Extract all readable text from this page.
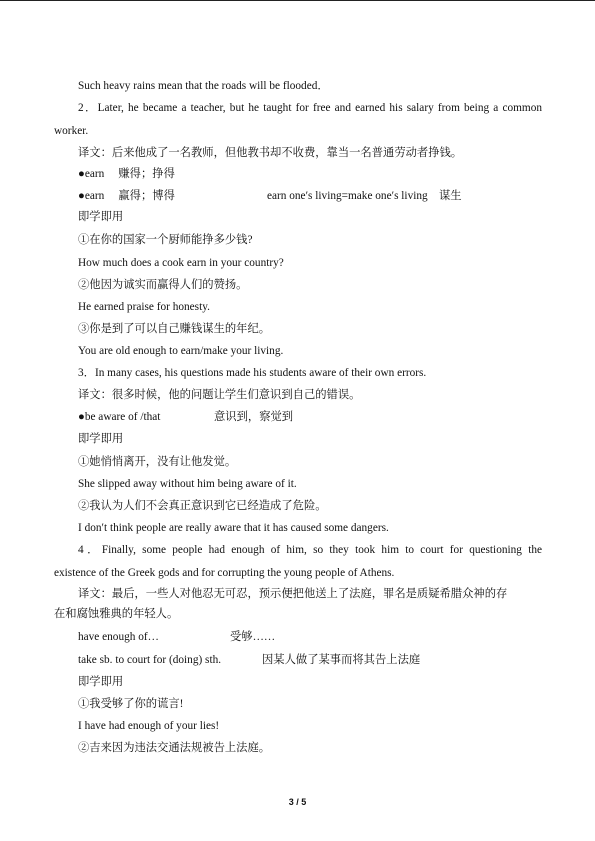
Such heavy rains mean that the roads will be flooded．
2．Later, he became a teacher, but he taught for free and earned his salary from being a common
worker.
译文：后来他成了一名教师，但他教书却不收费，靠当一名普通劳动者挣钱。
●earn　 赚得；挣得
●earn　 赢得；博得	earn one′s living=make one′s living　谋生
即学即用
①在你的国家一个厨师能挣多少钱?
How much does a cook earn in your country?
②他因为诚实而赢得人们的赞扬。
He earned praise for honesty.
③你是到了可以自己赚钱谋生的年纪。
You are old enough to earn/make your living.
3．In many cases, his questions made his students aware of their own errors.
译文：很多时候，他的问题让学生们意识到自己的错误。
●be aware of /that　	意识到，察觉到
即学即用
①她悄悄离开，没有让他发觉。
She slipped away without him being aware of it.
②我认为人们不会真正意识到它已经造成了危险。
I don′t think people are really aware that it has caused some dangers.
4．Finally, some people had enough of him, so they took him to court for questioning the
existence of the Greek gods and for corrupting the young people of Athens.
译文：最后，一些人对他忍无可忍，预示便把他送上了法庭，罪名是质疑希腊众神的存
在和腐蚀雅典的年轻人。
have enough of…	受够……
take sb. to court for (doing) sth.	因某人做了某事而将其告上法庭
即学即用
①我受够了你的谎言!
I have had enough of your lies!
②吉来因为违法交通法规被告上法庭。
3 / 5
